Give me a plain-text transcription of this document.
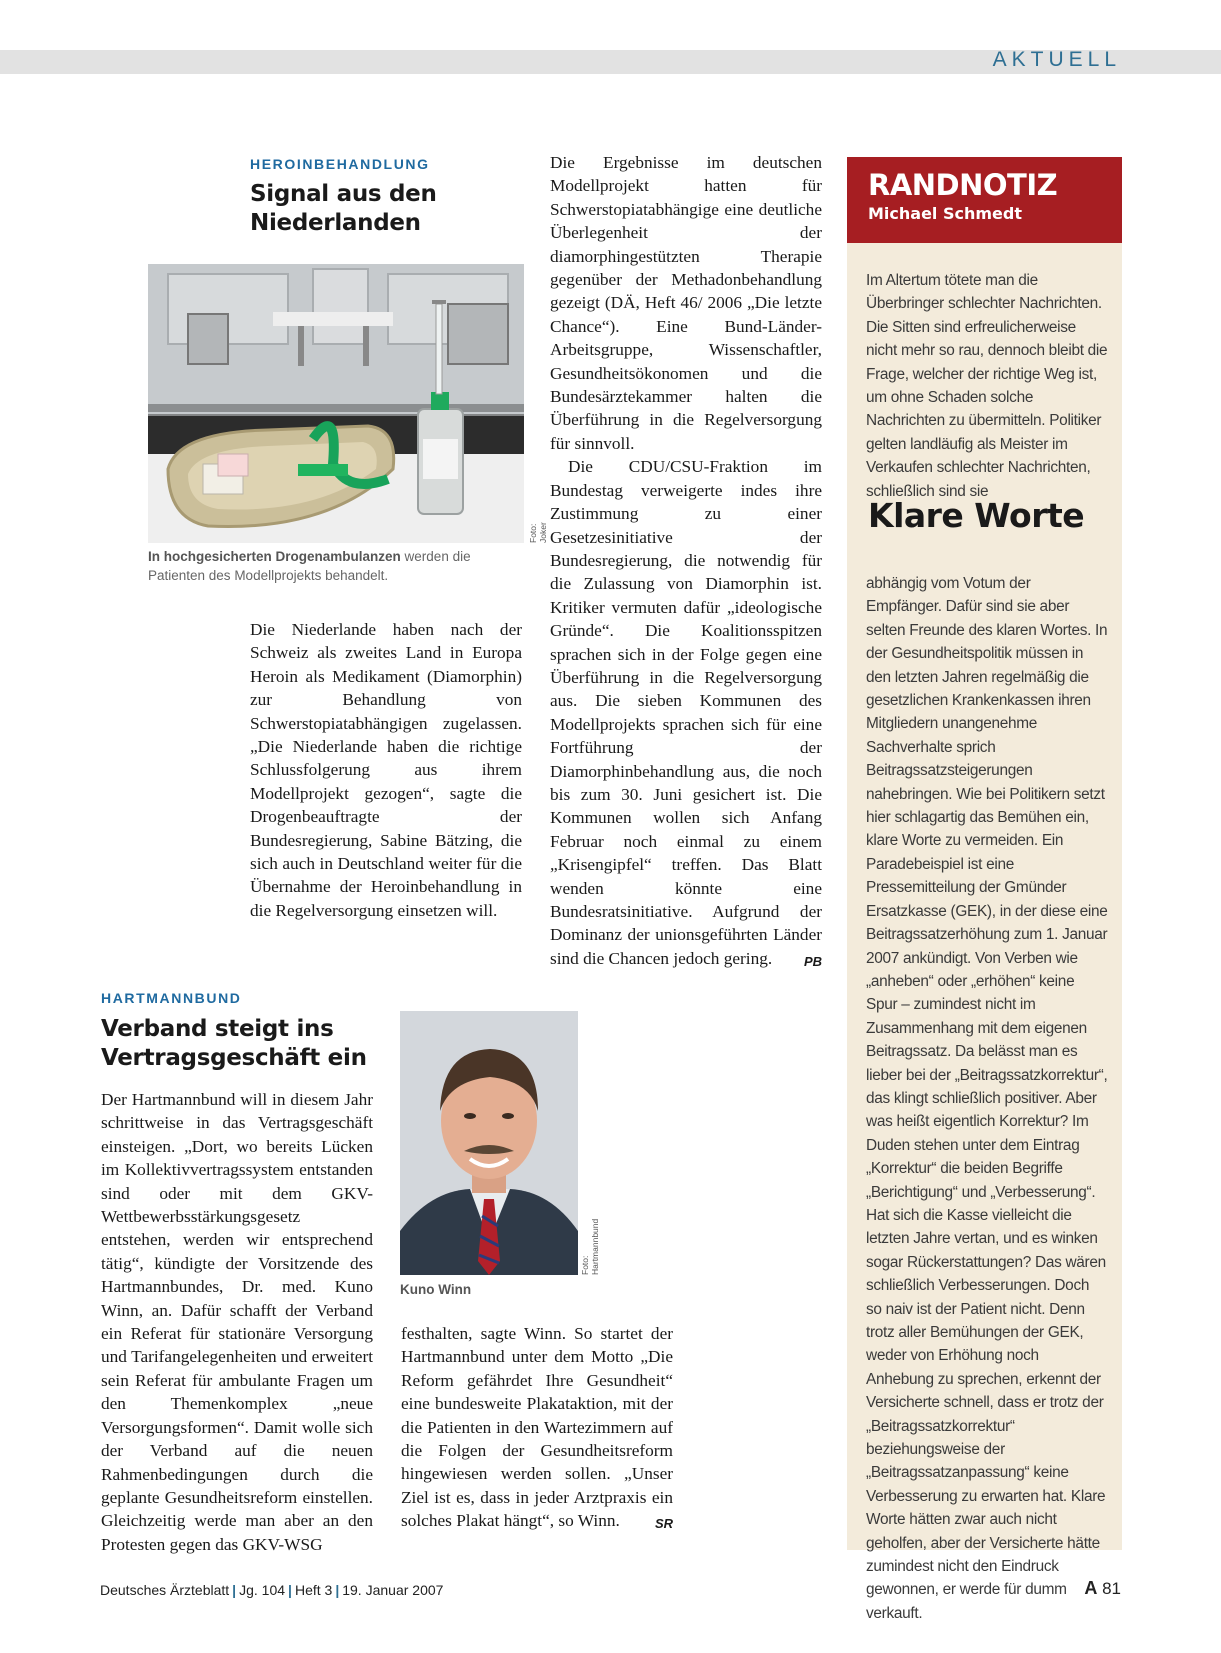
AKTUELL
HEROINBEHANDLUNG
Signal aus den
Niederlanden
Foto: Joker
In hochgesicherten Drogenambulanzen werden die Patienten des Modellprojekts behandelt.

Die Niederlande haben nach der Schweiz als zweites Land in Europa Heroin als Medikament (Diamorphin) zur Behandlung von Schwerstopiatabhängigen zugelassen. „Die Niederlande haben die richtige Schlussfolgerung aus ihrem Modellprojekt gezogen“, sagte die Drogenbeauftragte der Bundesregierung, Sabine Bätzing, die sich auch in Deutschland weiter für die Übernahme der Heroinbehandlung in die Regelversorgung einsetzen will.

Die Ergebnisse im deutschen Modellprojekt hatten für Schwerstopiatabhängige eine deutliche Überlegenheit der diamorphingestützten Therapie gegenüber der Methadonbehandlung gezeigt (DÄ, Heft 46/ 2006 „Die letzte Chance“). Eine Bund-Länder-Arbeitsgruppe, Wissenschaftler, Gesundheitsökonomen und die Bundesärztekammer halten die Überführung in die Regelversorgung für sinnvoll.

Die CDU/CSU-Fraktion im Bundestag verweigerte indes ihre Zustimmung zu einer Gesetzesinitiative der Bundesregierung, die notwendig für die Zulassung von Diamorphin ist. Kritiker vermuten dafür „ideologische Gründe“. Die Koalitionsspitzen sprachen sich in der Folge gegen eine Überführung in die Regelversorgung aus. Die sieben Kommunen des Modellprojekts sprachen sich für eine Fortführung der Diamorphinbehandlung aus, die noch bis zum 30. Juni gesichert ist. Die Kommunen wollen sich Anfang Februar noch einmal zu einem „Krisengipfel“ treffen. Das Blatt wenden könnte eine Bundesratsinitiative. Aufgrund der Dominanz der unionsgeführten Länder sind die Chancen jedoch gering.	PB

HARTMANNBUND
Verband steigt ins
Vertragsgeschäft ein

Der Hartmannbund will in diesem Jahr schrittweise in das Vertragsgeschäft einsteigen. „Dort, wo bereits Lücken im Kollektivvertragssystem entstanden sind oder mit dem GKV-Wettbewerbsstärkungsgesetz entstehen, werden wir entsprechend tätig“, kündigte der Vorsitzende des Hartmannbundes, Dr. med. Kuno Winn, an. Dafür schafft der Verband ein Referat für stationäre Versorgung und Tarifangelegenheiten und erweitert sein Referat für ambulante Fragen um den Themenkomplex „neue Versorgungsformen“. Damit wolle sich der Verband auf die neuen Rahmenbedingungen durch die geplante Gesundheitsreform einstellen. Gleichzeitig werde man aber an den Protesten gegen das GKV-WSG

Foto: Hartmannbund
Kuno Winn

festhalten, sagte Winn. So startet der Hartmannbund unter dem Motto „Die Reform gefährdet Ihre Gesundheit“ eine bundesweite Plakataktion, mit der die Patienten in den Wartezimmern auf die Folgen der Gesundheitsreform hingewiesen werden sollen. „Unser Ziel ist es, dass in jeder Arztpraxis ein solches Plakat hängt“, so Winn.	SR

RANDNOTIZ
Michael Schmedt
Im Altertum tötete man die Überbringer schlechter Nachrichten. Die Sitten sind erfreulicherweise nicht mehr so rau, dennoch bleibt die Frage, welcher der richtige Weg ist, um ohne Schaden solche Nachrichten zu übermitteln. Politiker gelten landläufig als Meister im Verkaufen schlechter Nachrichten, schließlich sind sie
Klare Worte
abhängig vom Votum der Empfänger. Dafür sind sie aber selten Freunde des klaren Wortes. In der Gesundheitspolitik müssen in den letzten Jahren regelmäßig die gesetzlichen Krankenkassen ihren Mitgliedern unangenehme Sachverhalte sprich Beitragssatzsteigerungen nahebringen. Wie bei Politikern setzt hier schlagartig das Bemühen ein, klare Worte zu vermeiden. Ein Paradebeispiel ist eine Pressemitteilung der Gmünder Ersatzkasse (GEK), in der diese eine Beitragssatzerhöhung zum 1. Januar 2007 ankündigt. Von Verben wie „anheben“ oder „erhöhen“ keine Spur – zumindest nicht im Zusammenhang mit dem eigenen Beitragssatz. Da belässt man es lieber bei der „Beitragssatzkorrektur“, das klingt schließlich positiver. Aber was heißt eigentlich Korrektur? Im Duden stehen unter dem Eintrag „Korrektur“ die beiden Begriffe „Berichtigung“ und „Verbesserung“. Hat sich die Kasse vielleicht die letzten Jahre vertan, und es winken sogar Rückerstattungen? Das wären schließlich Verbesserungen. Doch so naiv ist der Patient nicht. Denn trotz aller Bemühungen der GEK, weder von Erhöhung noch Anhebung zu sprechen, erkennt der Versicherte schnell, dass er trotz der „Beitragssatzkorrektur“ beziehungsweise der „Beitragssatzanpassung“ keine Verbesserung zu erwarten hat. Klare Worte hätten zwar auch nicht geholfen, aber der Versicherte hätte zumindest nicht den Eindruck gewonnen, er werde für dumm verkauft.
Deutsches Ärzteblatt | Jg. 104 | Heft 3 | 19. Januar 2007	A 81
